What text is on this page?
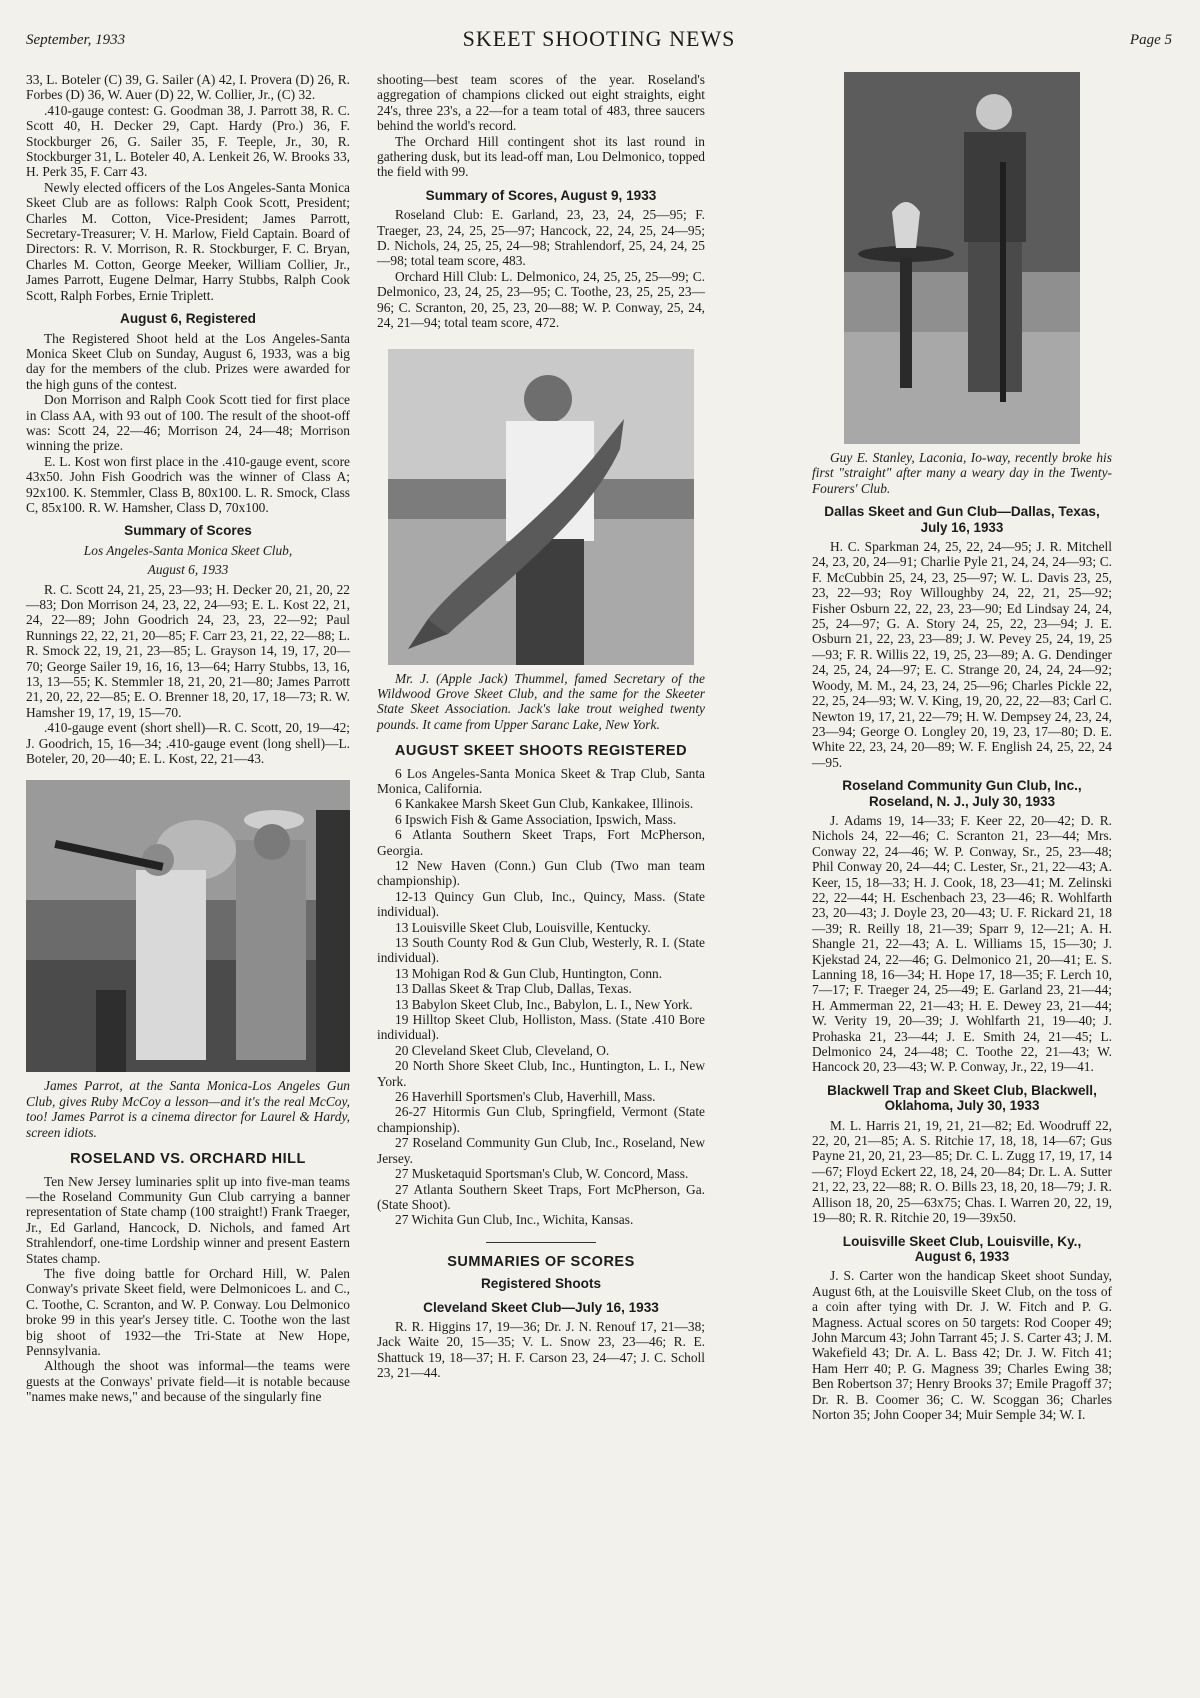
September, 1933	SKEET SHOOTING NEWS	Page 5

33, L. Boteler (C) 39, G. Sailer (A) 42, I. Provera (D) 26, R. Forbes (D) 36, W. Auer (D) 22, W. Collier, Jr., (C) 32.

.410-gauge contest: G. Goodman 38, J. Parrott 38, R. C. Scott 40, H. Decker 29, Capt. Hardy (Pro.) 36, F. Stockburger 26, G. Sailer 35, F. Teeple, Jr., 30, R. Stockburger 31, L. Boteler 40, A. Lenkeit 26, W. Brooks 33, H. Perk 35, F. Carr 43.

Newly elected officers of the Los Angeles-Santa Monica Skeet Club are as follows: Ralph Cook Scott, President; Charles M. Cotton, Vice-President; James Parrott, Secretary-Treasurer; V. H. Marlow, Field Captain. Board of Directors: R. V. Morrison, R. R. Stockburger, F. C. Bryan, Charles M. Cotton, George Meeker, William Collier, Jr., James Parrott, Eugene Delmar, Harry Stubbs, Ralph Cook Scott, Ralph Forbes, Ernie Triplett.

August 6, Registered

The Registered Shoot held at the Los Angeles-Santa Monica Skeet Club on Sunday, August 6, 1933, was a big day for the members of the club. Prizes were awarded for the high guns of the contest.

Don Morrison and Ralph Cook Scott tied for first place in Class AA, with 93 out of 100. The result of the shoot-off was: Scott 24, 22—46; Morrison 24, 24—48; Morrison winning the prize.

E. L. Kost won first place in the .410-gauge event, score 43x50. John Fish Goodrich was the winner of Class A; 92x100. K. Stemmler, Class B, 80x100. L. R. Smock, Class C, 85x100. R. W. Hamsher, Class D, 70x100.

Summary of Scores
Los Angeles-Santa Monica Skeet Club,
August 6, 1933

R. C. Scott 24, 21, 25, 23—93; H. Decker 20, 21, 20, 22—83; Don Morrison 24, 23, 22, 24—93; E. L. Kost 22, 21, 24, 22—89; John Goodrich 24, 23, 23, 22—92; Paul Runnings 22, 22, 21, 20—85; F. Carr 23, 21, 22, 22—88; L. R. Smock 22, 19, 21, 23—85; L. Grayson 14, 19, 17, 20—70; George Sailer 19, 16, 16, 13—64; Harry Stubbs, 13, 16, 13, 13—55; K. Stemmler 18, 21, 20, 21—80; James Parrott 21, 20, 22, 22—85; E. O. Brenner 18, 20, 17, 18—73; R. W. Hamsher 19, 17, 19, 15—70.

.410-gauge event (short shell)—R. C. Scott, 20, 19—42; J. Goodrich, 15, 16—34; .410-gauge event (long shell)—L. Boteler, 20, 20—40; E. L. Kost, 22, 21—43.

James Parrot, at the Santa Monica-Los Angeles Gun Club, gives Ruby McCoy a lesson—and it's the real McCoy, too! James Parrot is a cinema director for Laurel & Hardy, screen idiots.

ROSELAND VS. ORCHARD HILL

Ten New Jersey luminaries split up into five-man teams—the Roseland Community Gun Club carrying a banner representation of State champ (100 straight!) Frank Traeger, Jr., Ed Garland, Hancock, D. Nichols, and famed Art Strahlendorf, one-time Lordship winner and present Eastern States champ.

The five doing battle for Orchard Hill, W. Palen Conway's private Skeet field, were Delmonicoes L. and C., C. Toothe, C. Scranton, and W. P. Conway. Lou Delmonico broke 99 in this year's Jersey title. C. Toothe won the last big shoot of 1932—the Tri-State at New Hope, Pennsylvania.

Although the shoot was informal—the teams were guests at the Conways' private field—it is notable because "names make news," and because of the singularly fine

shooting—best team scores of the year. Roseland's aggregation of champions clicked out eight straights, eight 24's, three 23's, a 22—for a team total of 483, three saucers behind the world's record.

The Orchard Hill contingent shot its last round in gathering dusk, but its lead-off man, Lou Delmonico, topped the field with 99.

Summary of Scores, August 9, 1933

Roseland Club: E. Garland, 23, 23, 24, 25—95; F. Traeger, 23, 24, 25, 25—97; Hancock, 22, 24, 25, 24—95; D. Nichols, 24, 25, 25, 24—98; Strahlendorf, 25, 24, 24, 25—98; total team score, 483.

Orchard Hill Club: L. Delmonico, 24, 25, 25, 25—99; C. Delmonico, 23, 24, 25, 23—95; C. Toothe, 23, 25, 25, 23—96; C. Scranton, 20, 25, 23, 20—88; W. P. Conway, 25, 24, 24, 21—94; total team score, 472.

Mr. J. (Apple Jack) Thummel, famed Secretary of the Wildwood Grove Skeet Club, and the same for the Skeeter State Skeet Association. Jack's lake trout weighed twenty pounds. It came from Upper Saranc Lake, New York.

AUGUST SKEET SHOOTS REGISTERED

6 Los Angeles-Santa Monica Skeet & Trap Club, Santa Monica, California.

6 Kankakee Marsh Skeet Gun Club, Kankakee, Illinois.

6 Ipswich Fish & Game Association, Ipswich, Mass.

6 Atlanta Southern Skeet Traps, Fort McPherson, Georgia.

12 New Haven (Conn.) Gun Club (Two man team championship).

12-13 Quincy Gun Club, Inc., Quincy, Mass. (State individual).

13 Louisville Skeet Club, Louisville, Kentucky.

13 South County Rod & Gun Club, Westerly, R. I. (State individual).

13 Mohigan Rod & Gun Club, Huntington, Conn.

13 Dallas Skeet & Trap Club, Dallas, Texas.

13 Babylon Skeet Club, Inc., Babylon, L. I., New York.

19 Hilltop Skeet Club, Holliston, Mass. (State .410 Bore individual).

20 Cleveland Skeet Club, Cleveland, O.

20 North Shore Skeet Club, Inc., Huntington, L. I., New York.

26 Haverhill Sportsmen's Club, Haverhill, Mass.

26-27 Hitormis Gun Club, Springfield, Vermont (State championship).

27 Roseland Community Gun Club, Inc., Roseland, New Jersey.

27 Musketaquid Sportsman's Club, W. Concord, Mass.

27 Atlanta Southern Skeet Traps, Fort McPherson, Ga. (State Shoot).

27 Wichita Gun Club, Inc., Wichita, Kansas.

SUMMARIES OF SCORES
Registered Shoots
Cleveland Skeet Club—July 16, 1933

R. R. Higgins 17, 19—36; Dr. J. N. Renouf 17, 21—38; Jack Waite 20, 15—35; V. L. Snow 23, 23—46; R. E. Shattuck 19, 18—37; H. F. Carson 23, 24—47; J. C. Scholl 23, 21—44.

Guy E. Stanley, Laconia, Io-way, recently broke his first "straight" after many a weary day in the Twenty-Fourers' Club.

Dallas Skeet and Gun Club—Dallas, Texas,
July 16, 1933

H. C. Sparkman 24, 25, 22, 24—95; J. R. Mitchell 24, 23, 20, 24—91; Charlie Pyle 21, 24, 24, 24—93; C. F. McCubbin 25, 24, 23, 25—97; W. L. Davis 23, 25, 23, 22—93; Roy Willoughby 24, 22, 21, 25—92; Fisher Osburn 22, 22, 23, 23—90; Ed Lindsay 24, 24, 25, 24—97; G. A. Story 24, 25, 22, 23—94; J. E. Osburn 21, 22, 23, 23—89; J. W. Pevey 25, 24, 19, 25—93; F. R. Willis 22, 19, 25, 23—89; A. G. Dendinger 24, 25, 24, 24—97; E. C. Strange 20, 24, 24, 24—92; Woody, M. M., 24, 23, 24, 25—96; Charles Pickle 22, 22, 25, 24—93; W. V. King, 19, 20, 22, 22—83; Carl C. Newton 19, 17, 21, 22—79; H. W. Dempsey 24, 23, 24, 23—94; George O. Longley 20, 19, 23, 17—80; D. E. White 22, 23, 24, 20—89; W. F. English 24, 25, 22, 24—95.

Roseland Community Gun Club, Inc.,
Roseland, N. J., July 30, 1933

J. Adams 19, 14—33; F. Keer 22, 20—42; D. R. Nichols 24, 22—46; C. Scranton 21, 23—44; Mrs. Conway 22, 24—46; W. P. Conway, Sr., 25, 23—48; Phil Conway 20, 24—44; C. Lester, Sr., 21, 22—43; A. Keer, 15, 18—33; H. J. Cook, 18, 23—41; M. Zelinski 22, 22—44; H. Eschenbach 23, 23—46; R. Wohlfarth 23, 20—43; J. Doyle 23, 20—43; U. F. Rickard 21, 18—39; R. Reilly 18, 21—39; Sparr 9, 12—21; A. H. Shangle 21, 22—43; A. L. Williams 15, 15—30; J. Kjekstad 24, 22—46; G. Delmonico 21, 20—41; E. S. Lanning 18, 16—34; H. Hope 17, 18—35; F. Lerch 10, 7—17; F. Traeger 24, 25—49; E. Garland 23, 21—44; H. Ammerman 22, 21—43; H. E. Dewey 23, 21—44; W. Verity 19, 20—39; J. Wohlfarth 21, 19—40; J. Prohaska 21, 23—44; J. E. Smith 24, 21—45; L. Delmonico 24, 24—48; C. Toothe 22, 21—43; W. Hancock 20, 23—43; W. P. Conway, Jr., 22, 19—41.

Blackwell Trap and Skeet Club, Blackwell,
Oklahoma, July 30, 1933

M. L. Harris 21, 19, 21, 21—82; Ed. Woodruff 22, 22, 20, 21—85; A. S. Ritchie 17, 18, 18, 14—67; Gus Payne 21, 20, 21, 23—85; Dr. C. L. Zugg 17, 19, 17, 14—67; Floyd Eckert 22, 18, 24, 20—84; Dr. L. A. Sutter 21, 22, 23, 22—88; R. O. Bills 23, 18, 20, 18—79; J. R. Allison 18, 20, 25—63x75; Chas. I. Warren 20, 22, 19, 19—80; R. R. Ritchie 20, 19—39x50.

Louisville Skeet Club, Louisville, Ky.,
August 6, 1933

J. S. Carter won the handicap Skeet shoot Sunday, August 6th, at the Louisville Skeet Club, on the toss of a coin after tying with Dr. J. W. Fitch and P. G. Magness. Actual scores on 50 targets: Rod Cooper 49; John Marcum 43; John Tarrant 45; J. S. Carter 43; J. M. Wakefield 43; Dr. A. L. Bass 42; Dr. J. W. Fitch 41; Ham Herr 40; P. G. Magness 39; Charles Ewing 38; Ben Robertson 37; Henry Brooks 37; Emile Pragoff 37; Dr. R. B. Coomer 36; C. W. Scoggan 36; Charles Norton 35; John Cooper 34; Muir Semple 34; W. I.
